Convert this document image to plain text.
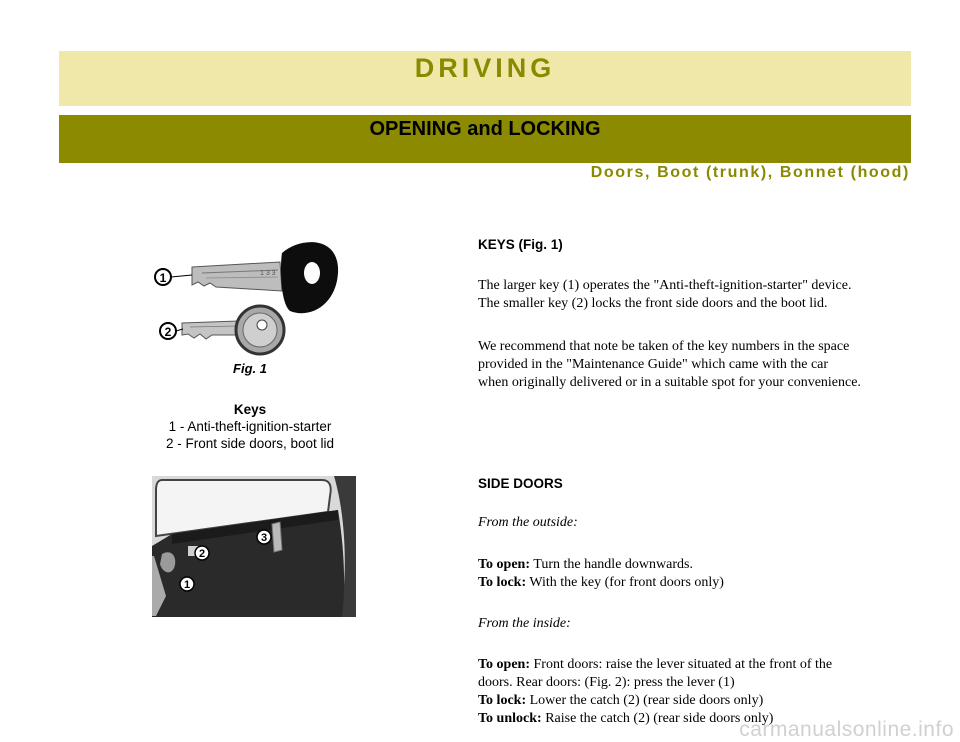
DRIVING
OPENING and LOCKING
Doors, Boot (trunk), Bonnet (hood)
1 3 3
1
2
Fig. 1
Keys
1 - Anti-theft-ignition-starter
2 - Front side doors, boot lid
1
2
3
KEYS (Fig. 1)
The larger key (1) operates the "Anti-theft-ignition-starter" device.
The smaller key (2) locks the front side doors and the boot lid.
We recommend that note be taken of the key numbers in the space
provided in the "Maintenance Guide" which came with the car
when originally delivered or in a suitable spot for your convenience.
SIDE DOORS
From the outside:
To open: Turn the handle downwards.
To lock: With the key (for front doors only)
From the inside:
To open: Front doors: raise the lever situated at the front of the
doors. Rear doors: (Fig. 2): press the lever (1)
To lock: Lower the catch (2) (rear side doors only)
To unlock: Raise the catch (2) (rear side doors only)
carmanualsonline.info
